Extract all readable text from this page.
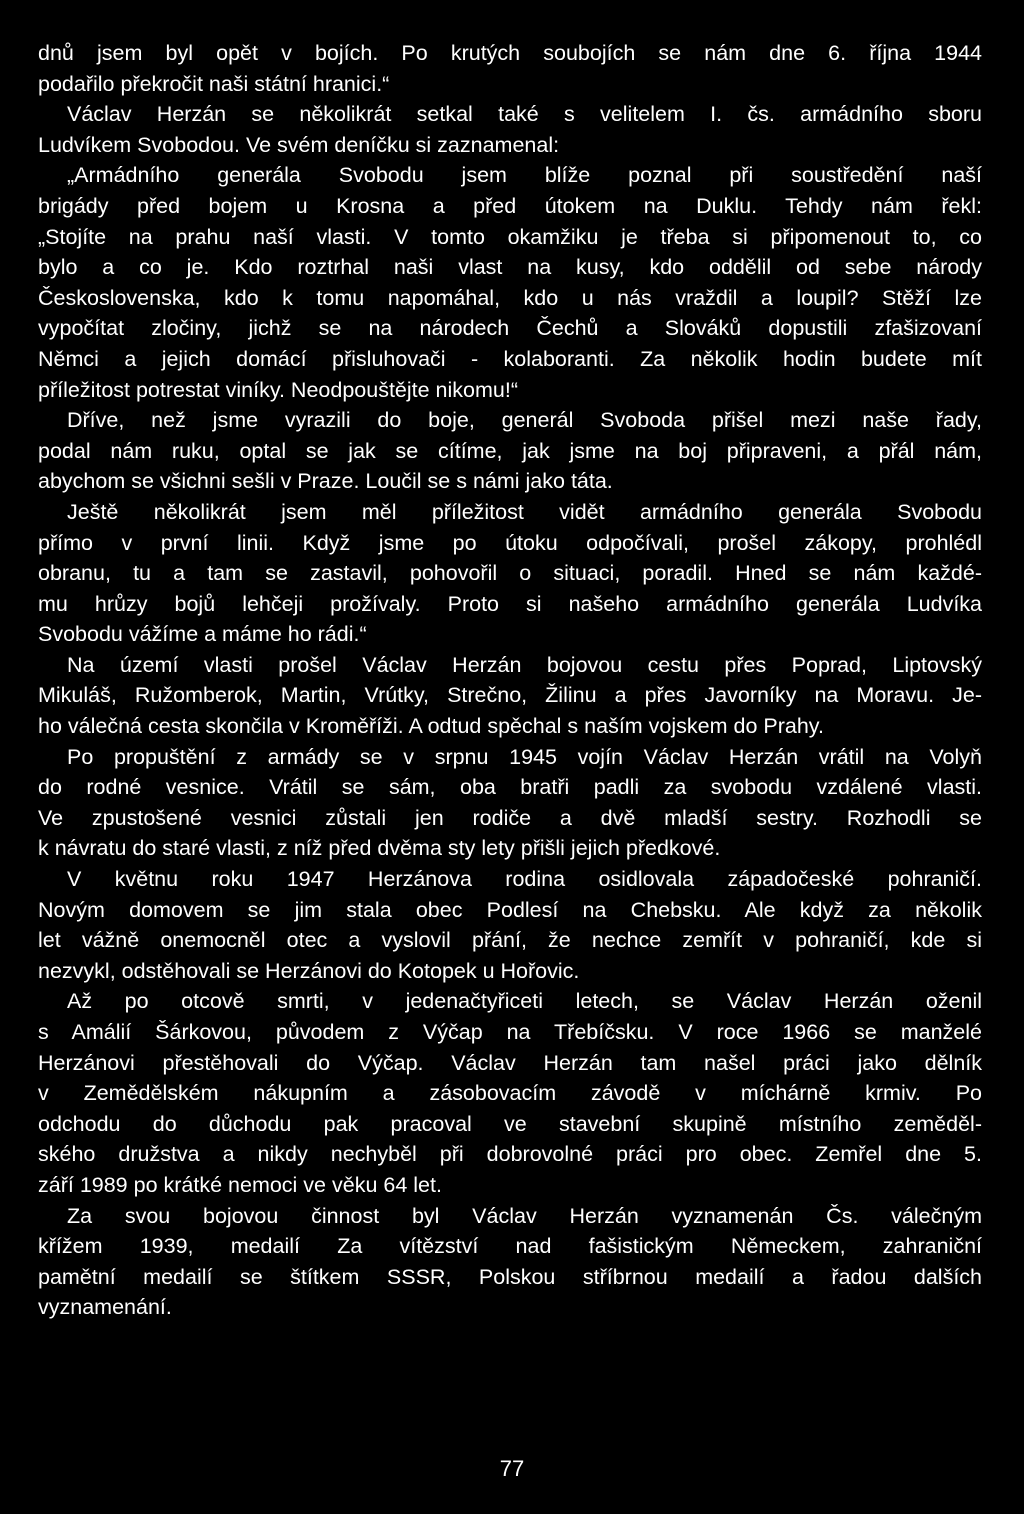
dnů jsem byl opět v bojích. Po krutých soubojích se nám dne 6. října 1944
podařilo překročit naši státní hranici.“
Václav Herzán se několikrát setkal také s velitelem I. čs. armádního sboru
Ludvíkem Svobodou. Ve svém deníčku si zaznamenal:
„Armádního generála Svobodu jsem blíže poznal při soustředění naší
brigády před bojem u Krosna a před útokem na Duklu. Tehdy nám řekl:
„Stojíte na prahu naší vlasti. V tomto okamžiku je třeba si připomenout to, co
bylo a co je. Kdo roztrhal naši vlast na kusy, kdo oddělil od sebe národy
Československa, kdo k tomu napomáhal, kdo u nás vraždil a loupil? Stěží lze
vypočítat zločiny, jichž se na národech Čechů a Slováků dopustili zfašizovaní
Němci a jejich domácí přisluhovači - kolaboranti. Za několik hodin budete mít
příležitost potrestat viníky. Neodpouštějte nikomu!“
Dříve, než jsme vyrazili do boje, generál Svoboda přišel mezi naše řady,
podal nám ruku, optal se jak se cítíme, jak jsme na boj připraveni, a přál nám,
abychom se všichni sešli v Praze. Loučil se s námi jako táta.
Ještě několikrát jsem měl příležitost vidět armádního generála Svobodu
přímo v první linii. Když jsme po útoku odpočívali, prošel zákopy, prohlédl
obranu, tu a tam se zastavil, pohovořil o situaci, poradil. Hned se nám každé-
mu hrůzy bojů lehčeji prožívaly. Proto si našeho armádního generála Ludvíka
Svobodu vážíme a máme ho rádi.“
Na území vlasti prošel Václav Herzán bojovou cestu přes Poprad, Liptovský
Mikuláš, Ružomberok, Martin, Vrútky, Strečno, Žilinu a přes Javorníky na Moravu. Je-
ho válečná cesta skončila v Kroměříži. A odtud spěchal s naším vojskem do Prahy.
Po propuštění z armády se v srpnu 1945 vojín Václav Herzán vrátil na Volyň
do rodné vesnice. Vrátil se sám, oba bratři padli za svobodu vzdálené vlasti.
Ve zpustošené vesnici zůstali jen rodiče a dvě mladší sestry. Rozhodli se
k návratu do staré vlasti, z níž před dvěma sty lety přišli jejich předkové.
V květnu roku 1947 Herzánova rodina osidlovala západočeské pohraničí.
Novým domovem se jim stala obec Podlesí na Chebsku. Ale když za několik
let vážně onemocněl otec a vyslovil přání, že nechce zemřít v pohraničí, kde si
nezvykl, odstěhovali se Herzánovi do Kotopek u Hořovic.
Až po otcově smrti, v jedenačtyřiceti letech, se Václav Herzán oženil
s Amálií Šárkovou, původem z Výčap na Třebíčsku. V roce 1966 se manželé
Herzánovi přestěhovali do Výčap. Václav Herzán tam našel práci jako dělník
v Zemědělském nákupním a zásobovacím závodě v míchárně krmiv. Po
odchodu do důchodu pak pracoval ve stavební skupině místního zeměděl-
ského družstva a nikdy nechyběl při dobrovolné práci pro obec. Zemřel dne 5.
září 1989 po krátké nemoci ve věku 64 let.
Za svou bojovou činnost byl Václav Herzán vyznamenán Čs. válečným
křížem 1939, medailí Za vítězství nad fašistickým Německem, zahraniční
pamětní medailí se štítkem SSSR, Polskou stříbrnou medailí a řadou dalších
vyznamenání.
77
